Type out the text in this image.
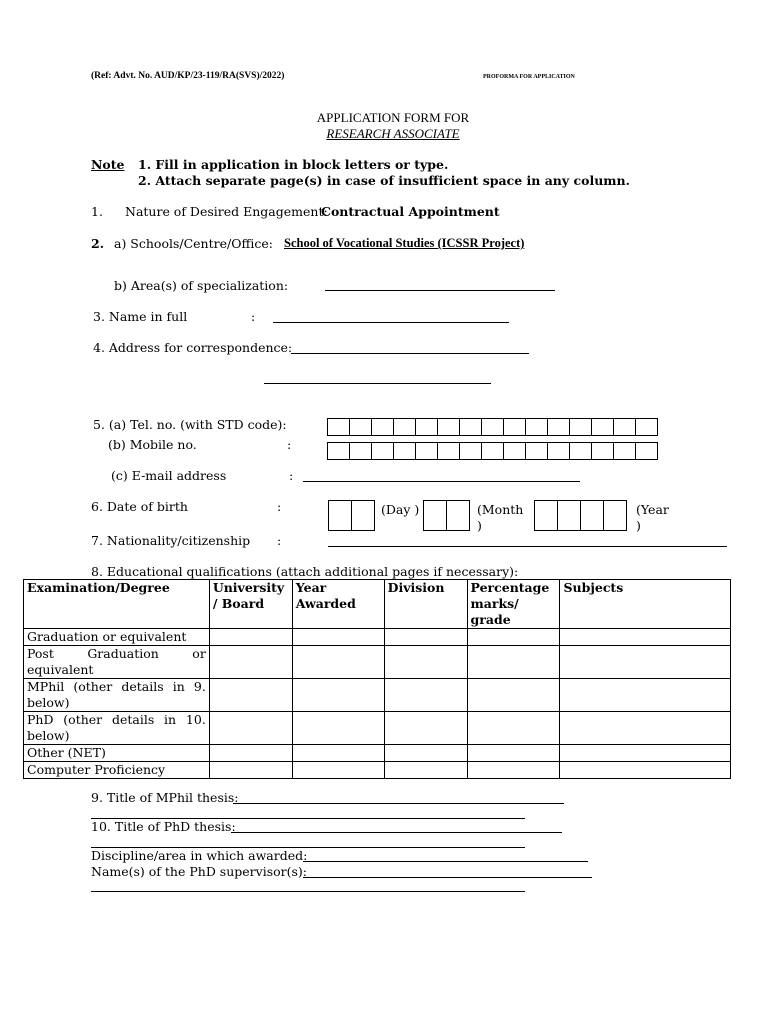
(Ref: Advt. No. AUD/KP/23-119/RA(SVS)/2022)	PROFORMA FOR APPLICATION
APPLICATION FORM FOR
RESEARCH ASSOCIATE
Note 1. Fill in application in block letters or type.
2. Attach separate page(s) in case of insufficient space in any column.
1. Nature of Desired Engagement:
Contractual Appointment
2. a) Schools/Centre/Office: School of Vocational Studies (ICSSR Project)
b) Area(s) of specialization:
3. Name in full	:
4. Address for correspondence:
5. (a) Tel. no. (with STD code):
(b) Mobile no.	:
(c) E-mail address	:
6. Date of birth	:	(Day )	(Month )
(Year )
7. Nationality/citizenship :
8. Educational qualifications (attach additional pages if necessary):
Examination/Degree	University / Board	Year Awarded	Division	Percentage marks/ grade	Subjects
Graduation or equivalent					
Post Graduation or equivalent					
MPhil (other details in 9. below)					
PhD (other details in 10. below)					
Other (NET)					
Computer Proficiency					
9. Title of MPhil thesis:
10. Title of PhD thesis:
Discipline/area in which awarded:
Name(s) of the PhD supervisor(s):
